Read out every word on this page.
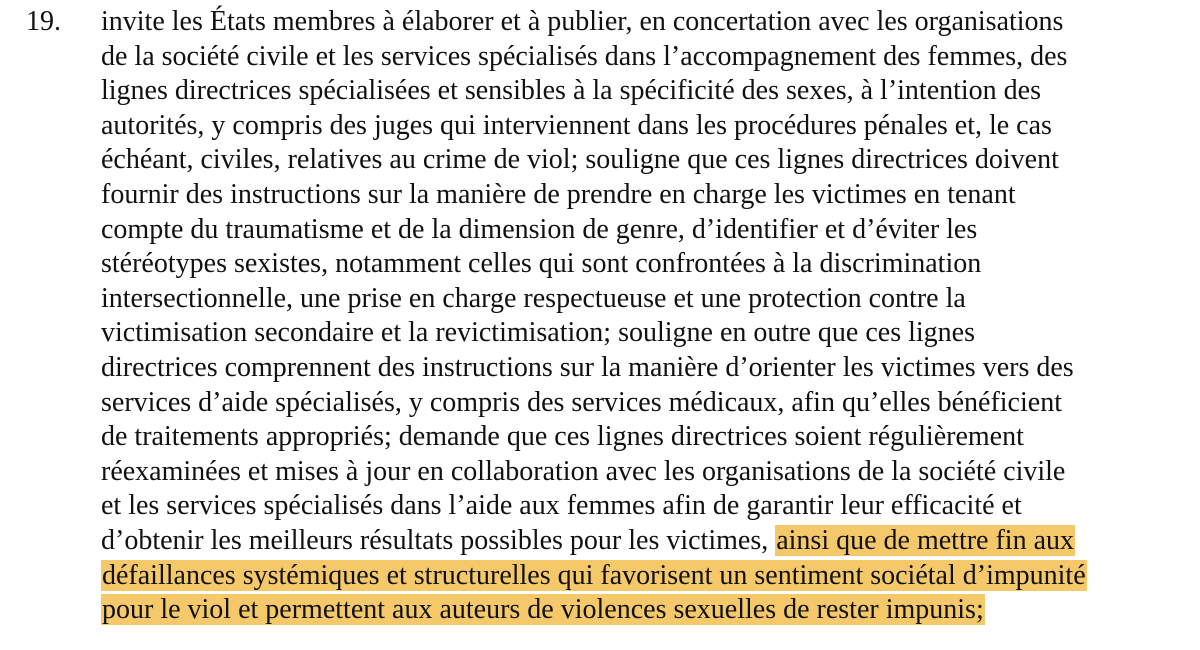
19. invite les États membres à élaborer et à publier, en concertation avec les organisations
de la société civile et les services spécialisés dans l’accompagnement des femmes, des
lignes directrices spécialisées et sensibles à la spécificité des sexes, à l’intention des
autorités, y compris des juges qui interviennent dans les procédures pénales et, le cas
échéant, civiles, relatives au crime de viol; souligne que ces lignes directrices doivent
fournir des instructions sur la manière de prendre en charge les victimes en tenant
compte du traumatisme et de la dimension de genre, d’identifier et d’éviter les
stéréotypes sexistes, notamment celles qui sont confrontées à la discrimination
intersectionnelle, une prise en charge respectueuse et une protection contre la
victimisation secondaire et la revictimisation; souligne en outre que ces lignes
directrices comprennent des instructions sur la manière d’orienter les victimes vers des
services d’aide spécialisés, y compris des services médicaux, afin qu’elles bénéficient
de traitements appropriés; demande que ces lignes directrices soient régulièrement
réexaminées et mises à jour en collaboration avec les organisations de la société civile
et les services spécialisés dans l’aide aux femmes afin de garantir leur efficacité et
d’obtenir les meilleurs résultats possibles pour les victimes, ainsi que de mettre fin aux
défaillances systémiques et structurelles qui favorisent un sentiment sociétal d’impunité
pour le viol et permettent aux auteurs de violences sexuelles de rester impunis;
